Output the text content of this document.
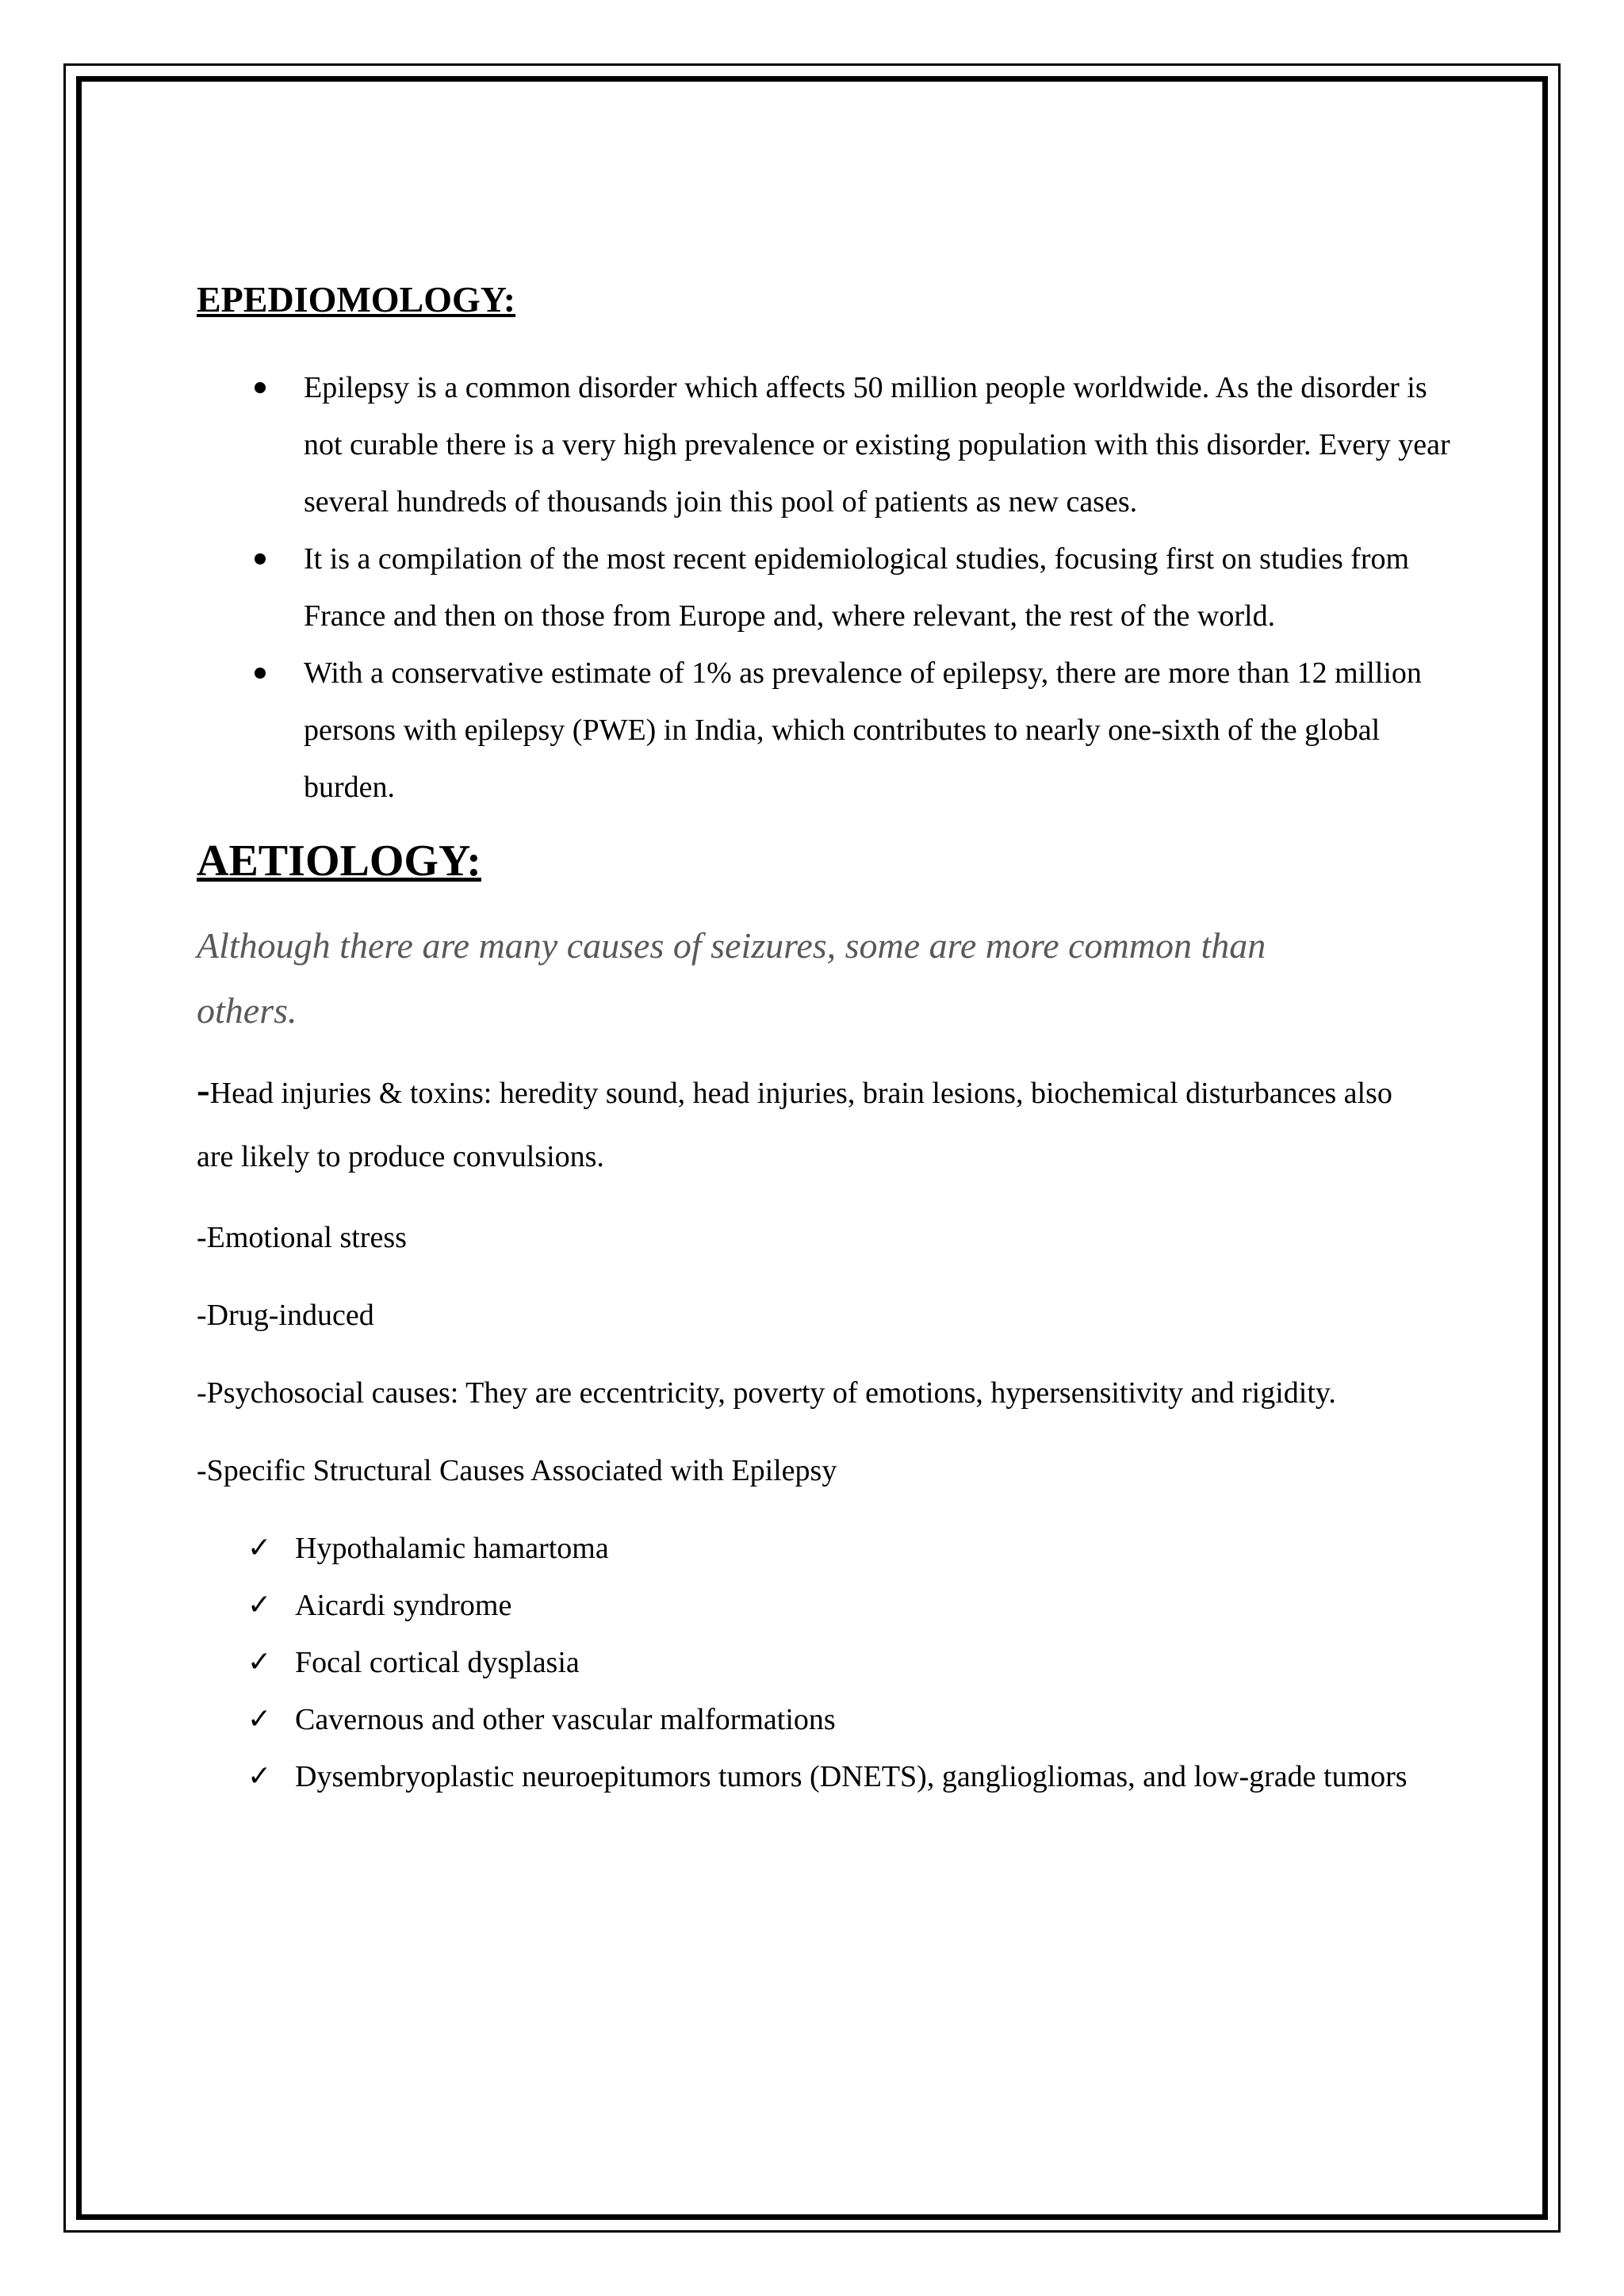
EPEDIOMOLOGY:
Epilepsy is a common disorder which affects 50 million people worldwide. As the disorder is not curable there is a very high prevalence or existing population with this disorder. Every year several hundreds of thousands join this pool of patients as new cases.
It is a compilation of the most recent epidemiological studies, focusing first on studies from France and then on those from Europe and, where relevant, the rest of the world.
With a conservative estimate of 1% as prevalence of epilepsy, there are more than 12 million persons with epilepsy (PWE) in India, which contributes to nearly one-sixth of the global burden.
AETIOLOGY:

Although there are many causes of seizures, some are more common than others.

-Head injuries & toxins: heredity sound, head injuries, brain lesions, biochemical disturbances also are likely to produce convulsions.

-Emotional stress

-Drug-induced

-Psychosocial causes: They are eccentricity, poverty of emotions, hypersensitivity and rigidity.

-Specific Structural Causes Associated with Epilepsy

✓ Hypothalamic hamartoma
✓ Aicardi syndrome
✓ Focal cortical dysplasia
✓ Cavernous and other vascular malformations
✓ Dysembryoplastic neuroepitumors tumors (DNETS), gangliogliomas, and low-grade tumors
